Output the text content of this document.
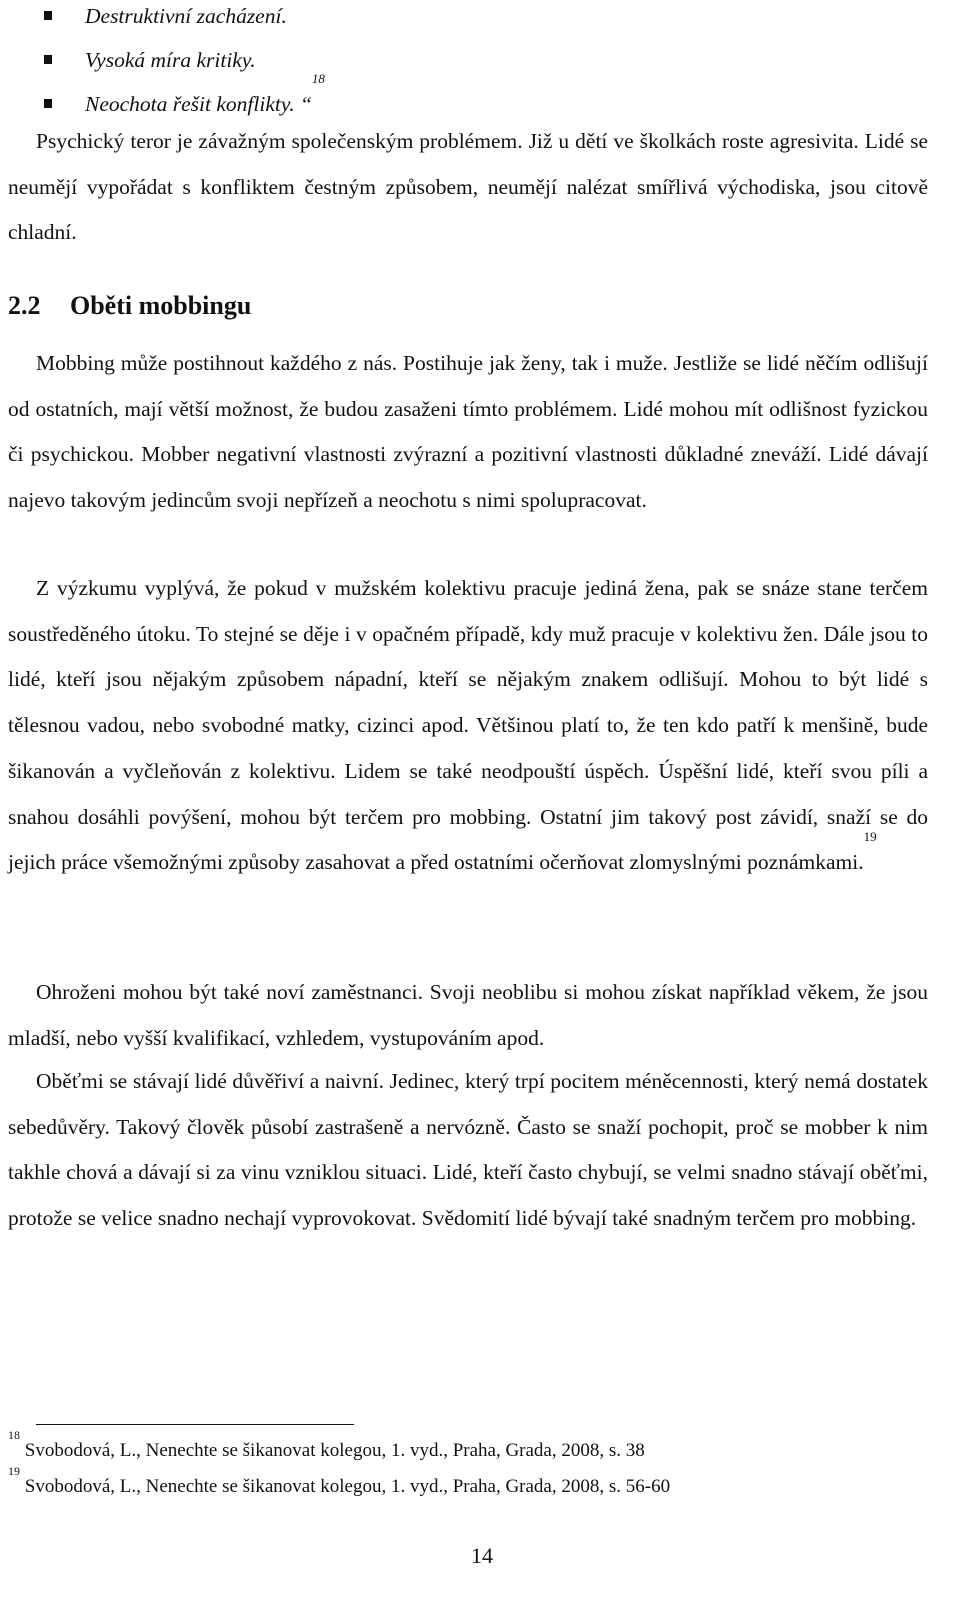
Destruktivní zacházení.
Vysoká míra kritiky.
Neochota řešit konflikty. “$^{18}$

Psychický teror je závažným společenským problémem. Již u dětí ve školkách roste agresivita. Lidé se neumějí vypořádat s konfliktem čestným způsobem, neumějí nalézat smířlivá východiska, jsou citově chladní.

2.2 Oběti mobbingu

Mobbing může postihnout každého z nás. Postihuje jak ženy, tak i muže. Jestliže se lidé něčím odlišují od ostatních, mají větší možnost, že budou zasaženi tímto problémem. Lidé mohou mít odlišnost fyzickou či psychickou. Mobber negativní vlastnosti zvýrazní a pozitivní vlastnosti důkladné zneváží. Lidé dávají najevo takovým jedincům svoji nepřízeň a neochotu s nimi spolupracovat.

Z výzkumu vyplývá, že pokud v mužském kolektivu pracuje jediná žena, pak se snáze stane terčem soustředěného útoku. To stejné se děje i v opačném případě, kdy muž pracuje v kolektivu žen. Dále jsou to lidé, kteří jsou nějakým způsobem nápadní, kteří se nějakým znakem odlišují. Mohou to být lidé s tělesnou vadou, nebo svobodné matky, cizinci apod. Většinou platí to, že ten kdo patří k menšině, bude šikanován a vyčleňován z kolektivu. Lidem se také neodpouští úspěch. Úspěšní lidé, kteří svou píli a snahou dosáhli povýšení, mohou být terčem pro mobbing. Ostatní jim takový post závidí, snaží se do jejich práce všemožnými způsoby zasahovat a před ostatními očerňovat zlomyslnými poznámkami.$^{19}$

Ohroženi mohou být také noví zaměstnanci. Svoji neoblibu si mohou získat například věkem, že jsou mladší, nebo vyšší kvalifikací, vzhledem, vystupováním apod.

Oběťmi se stávají lidé důvěřiví a naivní. Jedinec, který trpí pocitem méněcennosti, který nemá dostatek sebedůvěry. Takový člověk působí zastrašeně a nervózně. Často se snaží pochopit, proč se mobber k nim takhle chová a dávají si za vinu vzniklou situaci. Lidé, kteří často chybují, se velmi snadno stávají oběťmi, protože se velice snadno nechají vyprovokovat. Svědomití lidé bývají také snadným terčem pro mobbing.

$^{18}$ Svobodová, L., Nenechte se šikanovat kolegou, 1. vyd., Praha, Grada, 2008, s. 38
$^{19}$ Svobodová, L., Nenechte se šikanovat kolegou, 1. vyd., Praha, Grada, 2008, s. 56-60
14
